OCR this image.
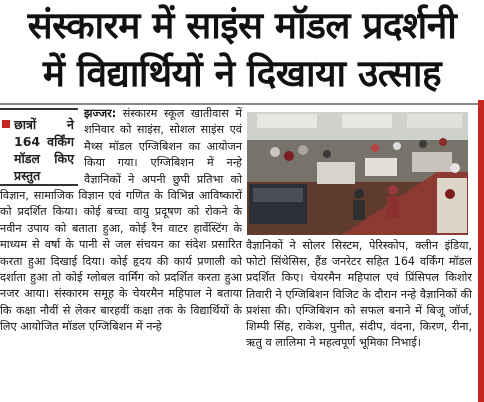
संस्कारम में साइंस मॉडल प्रदर्शनी
में विद्यार्थियों ने दिखाया उत्साह
छात्रों ने 164 वर्किंग मॉडल किए प्रस्तुत

झज्जर: संस्कारम स्कूल खातीवास में शनिवार को साइंस, सोशल साइंस एवं मैथ्स मॉडल एग्जिबिशन का आयोजन किया गया। एग्जिबिशन में नन्हे वैज्ञानिकों ने अपनी छुपी प्रतिभा को विज्ञान, सामाजिक विज्ञान एवं गणित के विभिन्न आविष्कारों को प्रदर्शित किया। कोई बच्चा वायु प्रदूषण को रोकने के नवीन उपाय को बताता हुआ, कोई रैन वाटर हार्वेस्टिंग के माध्यम से वर्षा के पानी से जल संचयन का संदेश प्रसारित करता हुआ दिखाई दिया। कोई हृदय की कार्य प्रणाली को दर्शाता हुआ तो कोई ग्लोबल वार्मिंग को प्रदर्शित करता हुआ नजर आया। संस्कारम समूह के चेयरमैन महिपाल ने बताया कि कक्षा नौवीं से लेकर बारहवीं कक्षा तक के विद्यार्थियों के लिए आयोजित मॉडल एग्जिबिशन में नन्हे

वैज्ञानिकों ने सोलर सिस्टम, पेरिस्कोप, क्लीन इंडिया, फोटो सिंथेसिस, हैंड जनरेटर सहित 164 वर्किंग मॉडल प्रदर्शित किए। चेयरमैन महिपाल एवं प्रिंसिपल किशोर तिवारी ने एग्जिबिशन विजिट के दौरान नन्हे वैज्ञानिकों की प्रशंसा की। एग्जिबिशन को सफल बनाने में बिजू जॉर्ज, शिम्पी सिंह, राकेश, पुनीत, संदीप, वंदना, किरण, रीना, ऋतु व लालिमा ने महत्वपूर्ण भूमिका निभाई।
